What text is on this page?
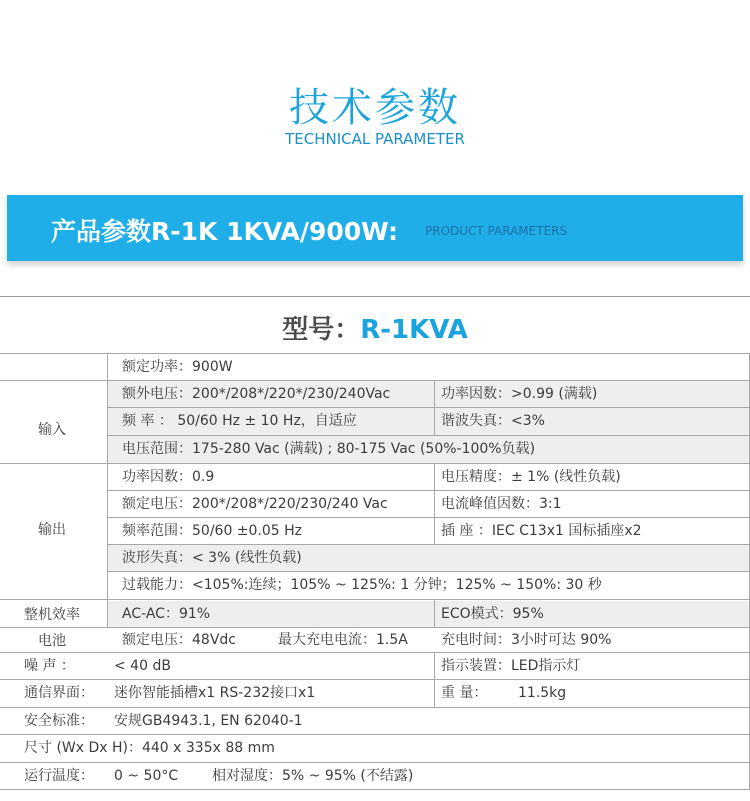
技术参数
TECHNICAL PARAMETER
产品参数R-1K 1KVA/900W: PRODUCT PARAMETERS
型号：R-1KVA
额定功率：900W
输入
额外电压：200*/208*/220*/230/240Vac	功率因数：>0.99 (满载)
频 率 ： 50/60 Hz ± 10 Hz，自适应	谐波失真：<3%
电压范围：175-280 Vac (满载) ; 80-175 Vac (50%-100%负载)
输出
功率因数：0.9	电压精度：± 1% (线性负载)
额定电压：200*/208*/220/230/240 Vac	电流峰值因数：3:1
频率范围：50/60 ±0.05 Hz	插 座 ：IEC C13x1 国标插座x2
波形失真：< 3% (线性负载)
过载能力：<105%:连续；105% ~ 125%: 1 分钟；125% ~ 150%: 30 秒
整机效率	AC-AC：91%	ECO模式：95%
电池	额定电压：48Vdc	最大充电电流：1.5A 充电时间：3小时可达 90%
噪 声 ：	< 40 dB	指示装置：LED指示灯
通信界面： 迷你智能插槽x1 RS-232接口x1	重 量： 11.5kg
安全标准： 安规GB4943.1, EN 62040-1
尺寸 (Wx Dx H)：440 x 335x 88 mm
运行温度： 0 ~ 50°C 相对湿度：5% ~ 95% (不结露)
